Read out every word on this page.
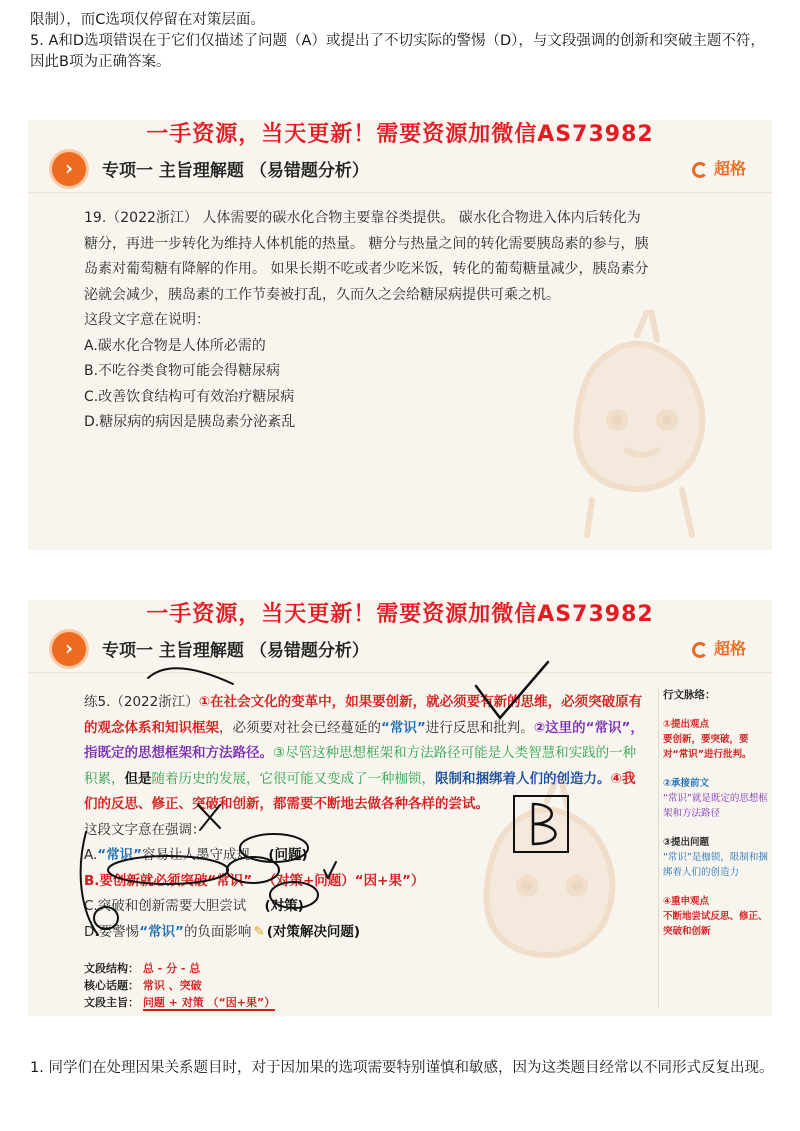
限制），而C选项仅停留在对策层面。

5. A和D选项错误在于它们仅描述了问题（A）或提出了不切实际的警惕（D），与文段强调的创新和突破主题不符，因此B项为正确答案。

一手资源，当天更新！需要资源加微信AS73982
›	专项一 主旨理解题 （易错题分析）	超格

19.（2022浙江） 人体需要的碳水化合物主要靠谷类提供。 碳水化合物进入体内后转化为糖分，再进一步转化为维持人体机能的热量。 糖分与热量之间的转化需要胰岛素的参与，胰岛素对葡萄糖有降解的作用。 如果长期不吃或者少吃米饭，转化的葡萄糖量减少，胰岛素分泌就会减少，胰岛素的工作节奏被打乱，久而久之会给糖尿病提供可乘之机。

这段文字意在说明：

A.碳水化合物是人体所必需的

B.不吃谷类食物可能会得糖尿病

C.改善饮食结构可有效治疗糖尿病

D.糖尿病的病因是胰岛素分泌紊乱

一手资源，当天更新！需要资源加微信AS73982
›	专项一 主旨理解题 （易错题分析）	超格

练5.（2022浙江）①在社会文化的变革中，如果要创新，就必须要有新的思维，必须突破原有的观念体系和知识框架，必须要对社会已经蔓延的“常识”进行反思和批判。②这里的“常识”，指既定的思想框架和方法路径。③尽管这种思想框架和方法路径可能是人类智慧和实践的一种积累，但是随着历史的发展，它很可能又变成了一种枷锁，限制和捆绑着人们的创造力。④我们的反思、修正、突破和创新，都需要不断地去做各种各样的尝试。

这段文字意在强调：

A.“常识”容易让人墨守成规 (问题)

B.要创新就必须突破“常识” （对策+问题）“因+果”）

C.突破和创新需要大胆尝试 (对策)

D.要警惕“常识”的负面影响 ✎ (对策解决问题)

文段结构： 总 - 分 - 总
核心话题： 常识 、突破
文段主旨： 问题 + 对策 （“因+果”）
行文脉络：
①提出观点
要创新，要突破，要对“常识”进行批判。
②承接前文
“常识”就是既定的思想框架和方法路径
③提出问题
“常识”是枷锁，限制和捆绑着人们的创造力
④重申观点
不断地尝试反思、修正、突破和创新

1. 同学们在处理因果关系题目时，对于因加果的选项需要特别谨慎和敏感，因为这类题目经常以不同形式反复出现。
